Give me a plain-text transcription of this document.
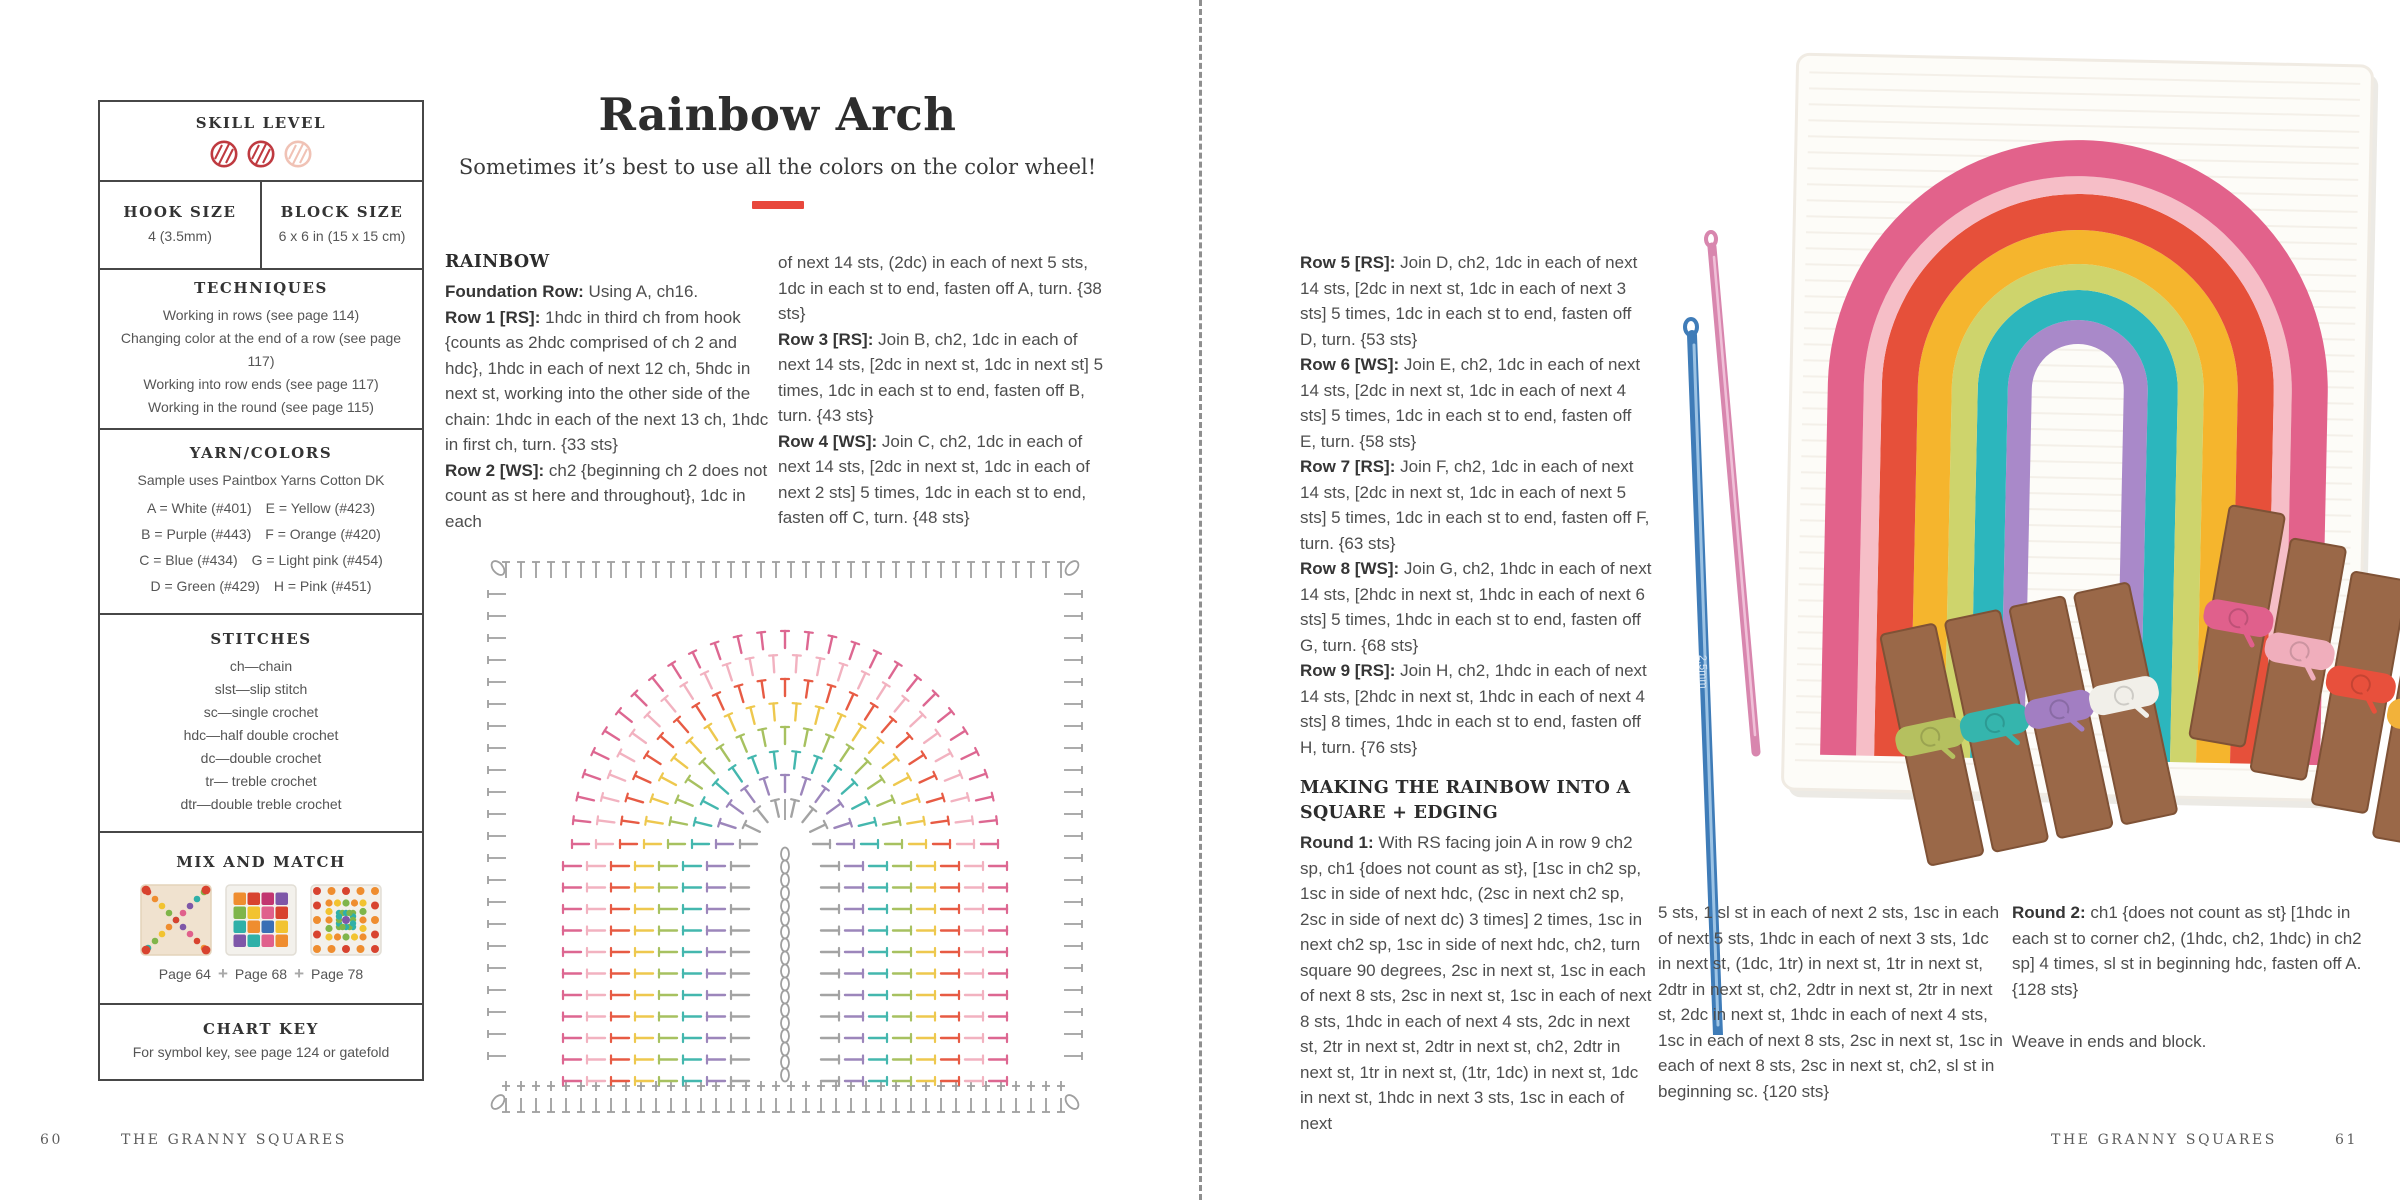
SKILL LEVEL
HOOK SIZE
4 (3.5mm)
BLOCK SIZE
6 x 6 in (15 x 15 cm)
TECHNIQUES
Working in rows (see page 114)
Changing color at the end of a row (see page 117)
Working into row ends (see page 117)
Working in the round (see page 115)
YARN/COLORS
Sample uses Paintbox Yarns Cotton DK
A = White (#401) E = Yellow (#423)
B = Purple (#443) F = Orange (#420)
C = Blue (#434) G = Light pink (#454)
D = Green (#429) H = Pink (#451)
STITCHES
ch—chain
slst—slip stitch
sc—single crochet
hdc—half double crochet
dc—double crochet
tr— treble crochet
dtr—double treble crochet
MIX AND MATCH
Page 64 + Page 68 + Page 78
CHART KEY
For symbol key, see page 124 or gatefold
Rainbow Arch
Sometimes it’s best to use all the colors on the color wheel!
RAINBOW

Foundation Row: Using A, ch16.

Row 1 [RS]: 1hdc in third ch from hook {counts as 2hdc comprised of ch 2 and hdc}, 1hdc in each of next 12 ch, 5hdc in next st, working into the other side of the chain: 1hdc in each of the next 13 ch, 1hdc in first ch, turn. {33 sts}

Row 2 [WS]: ch2 {beginning ch 2 does not count as st here and throughout}, 1dc in each

of next 14 sts, (2dc) in each of next 5 sts, 1dc in each st to end, fasten off A, turn. {38 sts}

Row 3 [RS]: Join B, ch2, 1dc in each of next 14 sts, [2dc in next st, 1dc in next st] 5 times, 1dc in each st to end, fasten off B, turn. {43 sts}

Row 4 [WS]: Join C, ch2, 1dc in each of next 14 sts, [2dc in next st, 1dc in each of next 2 sts] 5 times, 1dc in each st to end, fasten off C, turn. {48 sts}

60	THE GRANNY SQUARES
2.5mm

Row 5 [RS]: Join D, ch2, 1dc in each of next 14 sts, [2dc in next st, 1dc in each of next 3 sts] 5 times, 1dc in each st to end, fasten off D, turn. {53 sts}

Row 6 [WS]: Join E, ch2, 1dc in each of next 14 sts, [2dc in next st, 1dc in each of next 4 sts] 5 times, 1dc in each st to end, fasten off E, turn. {58 sts}

Row 7 [RS]: Join F, ch2, 1dc in each of next 14 sts, [2dc in next st, 1dc in each of next 5 sts] 5 times, 1dc in each st to end, fasten off F, turn. {63 sts}

Row 8 [WS]: Join G, ch2, 1hdc in each of next 14 sts, [2hdc in next st, 1hdc in each of next 6 sts] 5 times, 1hdc in each st to end, fasten off G, turn. {68 sts}

Row 9 [RS]: Join H, ch2, 1hdc in each of next 14 sts, [2hdc in next st, 1hdc in each of next 4 sts] 8 times, 1hdc in each st to end, fasten off H, turn. {76 sts}

MAKING THE RAINBOW INTO A SQUARE + EDGING

Round 1: With RS facing join A in row 9 ch2 sp, ch1 {does not count as st}, [1sc in ch2 sp, 1sc in side of next hdc, (2sc in next ch2 sp, 2sc in side of next dc) 3 times] 2 times, 1sc in next ch2 sp, 1sc in side of next hdc, ch2, turn square 90 degrees, 2sc in next st, 1sc in each of next 8 sts, 2sc in next st, 1sc in each of next 8 sts, 1hdc in each of next 4 sts, 2dc in next st, 2tr in next st, 2dtr in next st, ch2, 2dtr in next st, 1tr in next st, (1tr, 1dc) in next st, 1dc in next st, 1hdc in next 3 sts, 1sc in each of next

5 sts, 1 sl st in each of next 2 sts, 1sc in each of next 5 sts, 1hdc in each of next 3 sts, 1dc in next st, (1dc, 1tr) in next st, 1tr in next st, 2dtr in next st, ch2, 2dtr in next st, 2tr in next st, 2dc in next st, 1hdc in each of next 4 sts, 1sc in each of next 8 sts, 2sc in next st, 1sc in each of next 8 sts, 2sc in next st, ch2, sl st in beginning sc. {120 sts}

Round 2: ch1 {does not count as st} [1hdc in each st to corner ch2, (1hdc, ch2, 1hdc) in ch2 sp] 4 times, sl st in beginning hdc, fasten off A. {128 sts}

Weave in ends and block.

THE GRANNY SQUARES	61
